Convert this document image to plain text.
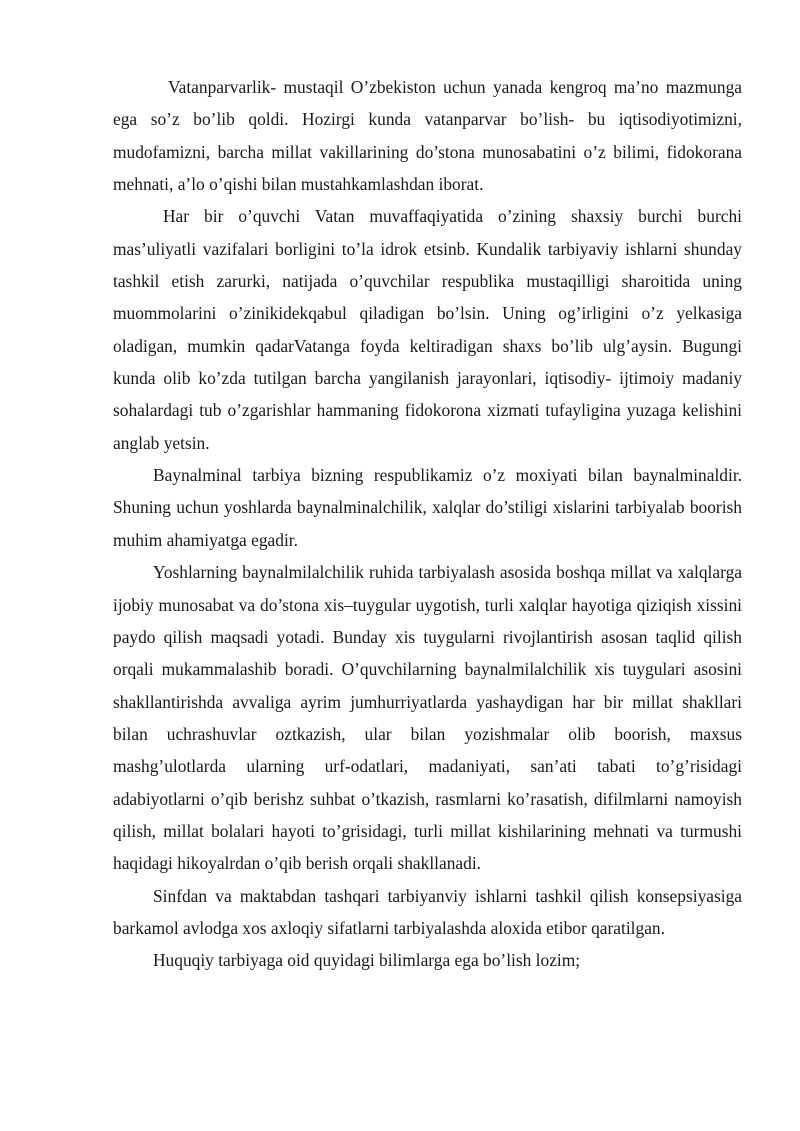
Vatanparvarlik- mustaqil O’zbekiston uchun yanada kengroq ma’no mazmunga ega so’z bo’lib qoldi. Hozirgi kunda vatanparvar bo’lish- bu iqtisodiyotimizni, mudofamizni, barcha millat vakillarining do’stona munosabatini o’z bilimi, fidokorana mehnati, a’lo o’qishi bilan mustahkamlashdan iborat.

Har bir o’quvchi Vatan muvaffaqiyatida o’zining shaxsiy burchi burchi mas’uliyatli vazifalari borligini to’la idrok etsinb. Kundalik tarbiyaviy ishlarni shunday tashkil etish zarurki, natijada o’quvchilar respublika mustaqilligi sharoitida uning muommolarini o’zinikidekqabul qiladigan bo’lsin. Uning og’irligini o’z yelkasiga oladigan, mumkin qadarVatanga foyda keltiradigan shaxs bo’lib ulg’aysin. Bugungi kunda olib ko’zda tutilgan barcha yangilanish jarayonlari, iqtisodiy- ijtimoiy madaniy sohalardagi tub o’zgarishlar hammaning fidokorona xizmati tufayligina yuzaga kelishini anglab yetsin.

Baynalminal tarbiya bizning respublikamiz o’z moxiyati bilan baynalminaldir. Shuning uchun yoshlarda baynalminalchilik, xalqlar do’stiligi xislarini tarbiyalab boorish muhim ahamiyatga egadir.

Yoshlarning baynalmilalchilik ruhida tarbiyalash asosida boshqa millat va xalqlarga ijobiy munosabat va do’stona xis–tuygular uygotish, turli xalqlar hayotiga qiziqish xissini paydo qilish maqsadi yotadi. Bunday xis tuygularni rivojlantirish asosan taqlid qilish orqali mukammalashib boradi. O’quvchilarning baynalmilalchilik xis tuygulari asosini shakllantirishda avvaliga ayrim jumhurriyatlarda yashaydigan har bir millat shakllari bilan uchrashuvlar oztkazish, ular bilan yozishmalar olib boorish, maxsus mashg’ulotlarda ularning urf-odatlari, madaniyati, san’ati tabati to’g’risidagi adabiyotlarni o’qib berishz suhbat o’tkazish, rasmlarni ko’rasatish, difilmlarni namoyish qilish, millat bolalari hayoti to’grisidagi, turli millat kishilarining mehnati va turmushi haqidagi hikoyalrdan o’qib berish orqali shakllanadi.

Sinfdan va maktabdan tashqari tarbiyanviy ishlarni tashkil qilish konsepsiyasiga barkamol avlodga xos axloqiy sifatlarni tarbiyalashda aloxida etibor qaratilgan.

Huquqiy tarbiyaga oid quyidagi bilimlarga ega bo’lish lozim;
